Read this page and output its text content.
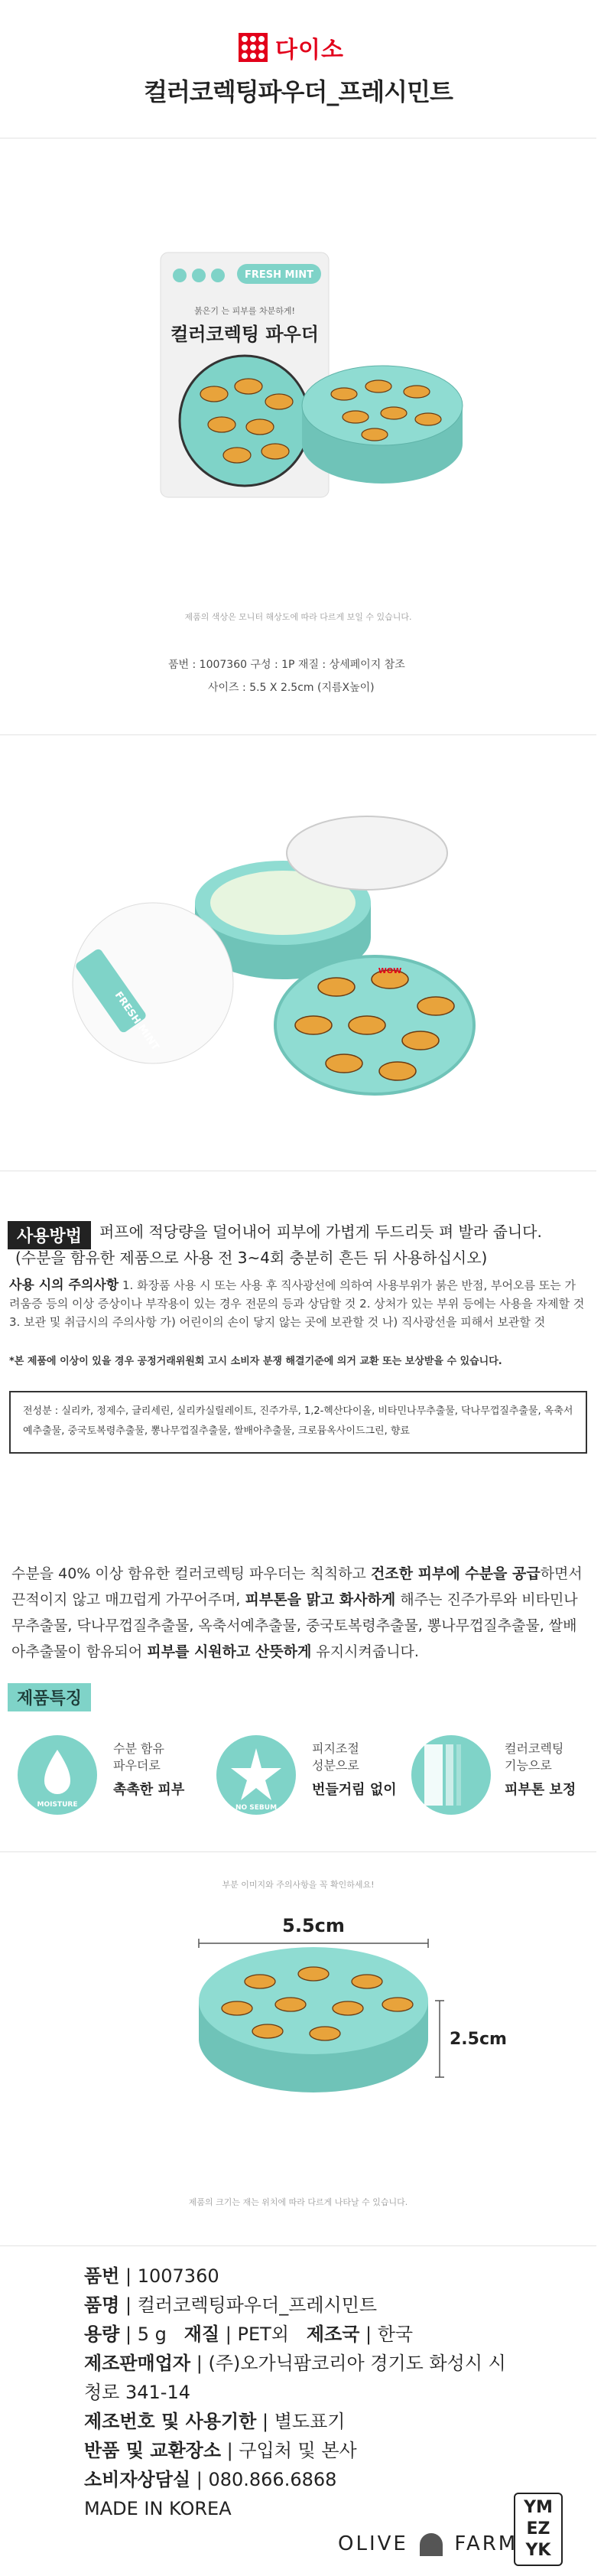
다이소
컬러코렉팅파우더_프레시민트
FRESH MINT
붉은기 는 피부를 차분하게!
컬러코렉팅 파우더
제품의 색상은 모니터 해상도에 따라 다르게 보일 수 있습니다.
품번 : 1007360 구성 : 1P 재질 : 상세페이지 참조
사이즈 : 5.5 X 2.5cm (지름X높이)
FRESH MINT
WOW
사용방법	퍼프에 적당량을 덜어내어 피부에 가볍게 두드리듯 펴 발라 줍니다.
(수분을 함유한 제품으로 사용 전 3~4회 충분히 흔든 뒤 사용하십시오)
사용 시의 주의사항 1. 화장품 사용 시 또는 사용 후 직사광선에 의하여 사용부위가 붉은 반점, 부어오름 또는 가려움증 등의 이상 증상이나 부작용이 있는 경우 전문의 등과 상담할 것 2. 상처가 있는 부위 등에는 사용을 자제할 것 3. 보관 및 취급시의 주의사항 가) 어린이의 손이 닿지 않는 곳에 보관할 것 나) 직사광선을 피해서 보관할 것
*본 제품에 이상이 있을 경우 공정거래위원회 고시 소비자 분쟁 해결기준에 의거 교환 또는 보상받을 수 있습니다.
전성분 : 실리카, 정제수, 글리세린, 실리카실릴레이트, 진주가루, 1,2-헥산다이올, 비타민나무추출물, 닥나무껍질추출물, 옥축서예추출물, 중국토복령추출물, 뽕나무껍질추출물, 쌀배아추출물, 크로뮴옥사이드그린, 향료
수분을 40% 이상 함유한 컬러코렉팅 파우더는 칙칙하고 건조한 피부에 수분을 공급하면서 끈적이지 않고 매끄럽게 가꾸어주며, 피부톤을 맑고 화사하게 해주는 진주가루와 비타민나무추출물, 닥나무껍질추출물, 옥축서예추출물, 중국토복령추출물, 뽕나무껍질추출물, 쌀배아추출물이 함유되어 피부를 시원하고 산뜻하게 유지시켜줍니다.
제품특징
MOISTURE
수분 함유
파우더로
촉촉한 피부
NO SEBUM
피지조절
성분으로
번들거림 없이
컬러코렉팅
기능으로
피부톤 보정
부분 이미지와 주의사항을 꼭 확인하세요!
5.5cm
2.5cm
제품의 크기는 재는 위치에 따라 다르게 나타날 수 있습니다.
품번 | 1007360
품명 | 컬러코렉팅파우더_프레시민트
용량 | 5 g 재질 | PET외 제조국 | 한국
제조판매업자 | (주)오가닉팜코리아 경기도 화성시 시청로 341-14
제조번호 및 사용기한 | 별도표기
반품 및 교환장소 | 구입처 및 본사
소비자상담실 | 080.866.6868
MADE IN KOREA
OLIVE FARM
YM
EZ
YK
